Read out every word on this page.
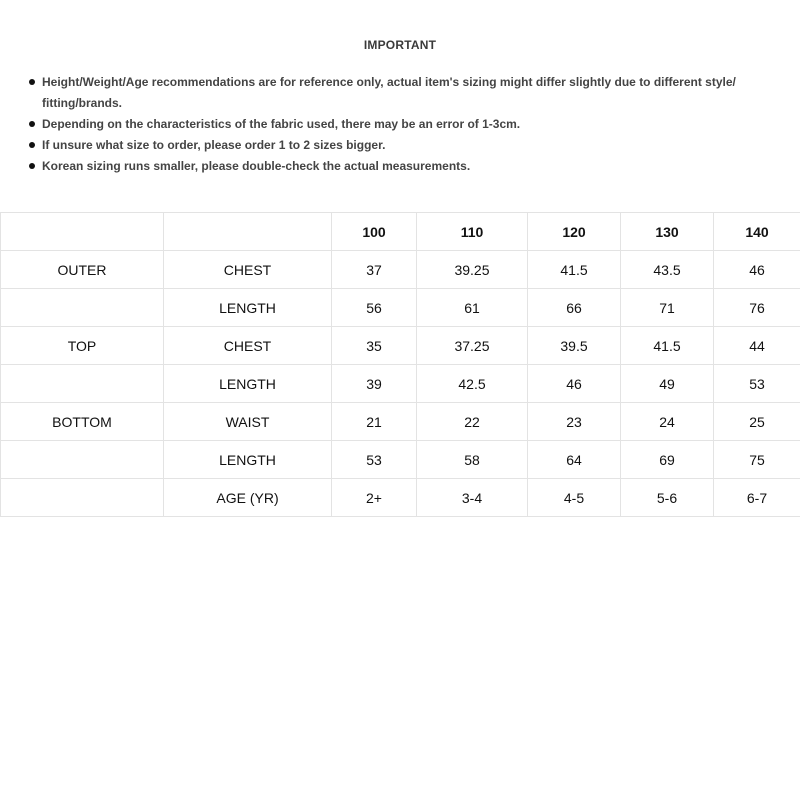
IMPORTANT
Height/Weight/Age recommendations are for reference only, actual item's sizing might differ slightly due to different style/ fitting/brands.
Depending on the characteristics of the fabric used, there may be an error of 1-3cm.
If unsure what size to order, please order 1 to 2 sizes bigger.
Korean sizing runs smaller, please double-check the actual measurements.
		100	110	120	130	140
OUTER	CHEST	37	39.25	41.5	43.5	46
	LENGTH	56	61	66	71	76
TOP	CHEST	35	37.25	39.5	41.5	44
	LENGTH	39	42.5	46	49	53
BOTTOM	WAIST	21	22	23	24	25
	LENGTH	53	58	64	69	75
	AGE (YR)	2+	3-4	4-5	5-6	6-7
